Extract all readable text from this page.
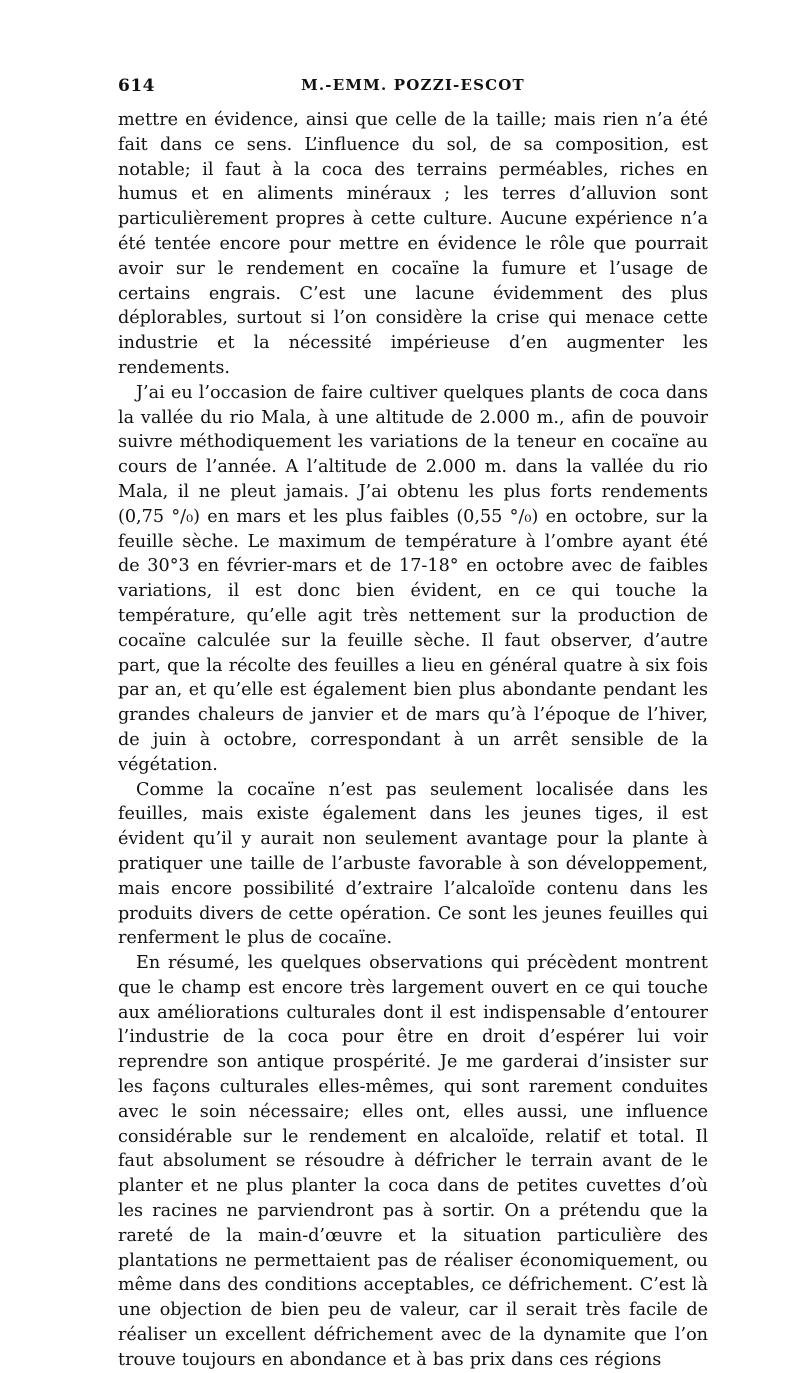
614	M.-EMM. POZZI-ESCOT

mettre en évidence, ainsi que celle de la taille; mais rien n’a été fait dans ce sens. L’influence du sol, de sa composition, est notable; il faut à la coca des terrains perméables, riches en humus et en aliments minéraux ; les terres d’alluvion sont particulièrement propres à cette culture. Aucune expérience n’a été tentée encore pour mettre en évidence le rôle que pourrait avoir sur le rendement en cocaïne la fumure et l’usage de certains engrais. C’est une lacune évidemment des plus déplorables, surtout si l’on considère la crise qui menace cette industrie et la nécessité impérieuse d’en augmenter les rendements.

J’ai eu l’occasion de faire cultiver quelques plants de coca dans la vallée du rio Mala, à une altitude de 2.000 m., afin de pouvoir suivre méthodiquement les variations de la teneur en cocaïne au cours de l’année. A l’altitude de 2.000 m. dans la vallée du rio Mala, il ne pleut jamais. J’ai obtenu les plus forts rendements (0,75 °/₀) en mars et les plus faibles (0,55 °/₀) en octobre, sur la feuille sèche. Le maximum de température à l’ombre ayant été de 30°3 en février-mars et de 17-18° en octobre avec de faibles variations, il est donc bien évident, en ce qui touche la température, qu’elle agit très nettement sur la production de cocaïne calculée sur la feuille sèche. Il faut observer, d’autre part, que la récolte des feuilles a lieu en général quatre à six fois par an, et qu’elle est également bien plus abondante pendant les grandes chaleurs de janvier et de mars qu’à l’époque de l’hiver, de juin à octobre, correspondant à un arrêt sensible de la végétation.

Comme la cocaïne n’est pas seulement localisée dans les feuilles, mais existe également dans les jeunes tiges, il est évident qu’il y aurait non seulement avantage pour la plante à pratiquer une taille de l’arbuste favorable à son développement, mais encore possibilité d’extraire l’alcaloïde contenu dans les produits divers de cette opération. Ce sont les jeunes feuilles qui renferment le plus de cocaïne.

En résumé, les quelques observations qui précèdent montrent que le champ est encore très largement ouvert en ce qui touche aux améliorations culturales dont il est indispensable d’entourer l’industrie de la coca pour être en droit d’espérer lui voir reprendre son antique prospérité. Je me garderai d’insister sur les façons culturales elles-mêmes, qui sont rarement conduites avec le soin nécessaire; elles ont, elles aussi, une influence considérable sur le rendement en alcaloïde, relatif et total. Il faut absolument se résoudre à défricher le terrain avant de le planter et ne plus planter la coca dans de petites cuvettes d’où les racines ne parviendront pas à sortir. On a prétendu que la rareté de la main-d’œuvre et la situation particulière des plantations ne permettaient pas de réaliser économiquement, ou même dans des conditions acceptables, ce défrichement. C’est là une objection de bien peu de valeur, car il serait très facile de réaliser un excellent défrichement avec de la dynamite que l’on trouve toujours en abondance et à bas prix dans ces régions
